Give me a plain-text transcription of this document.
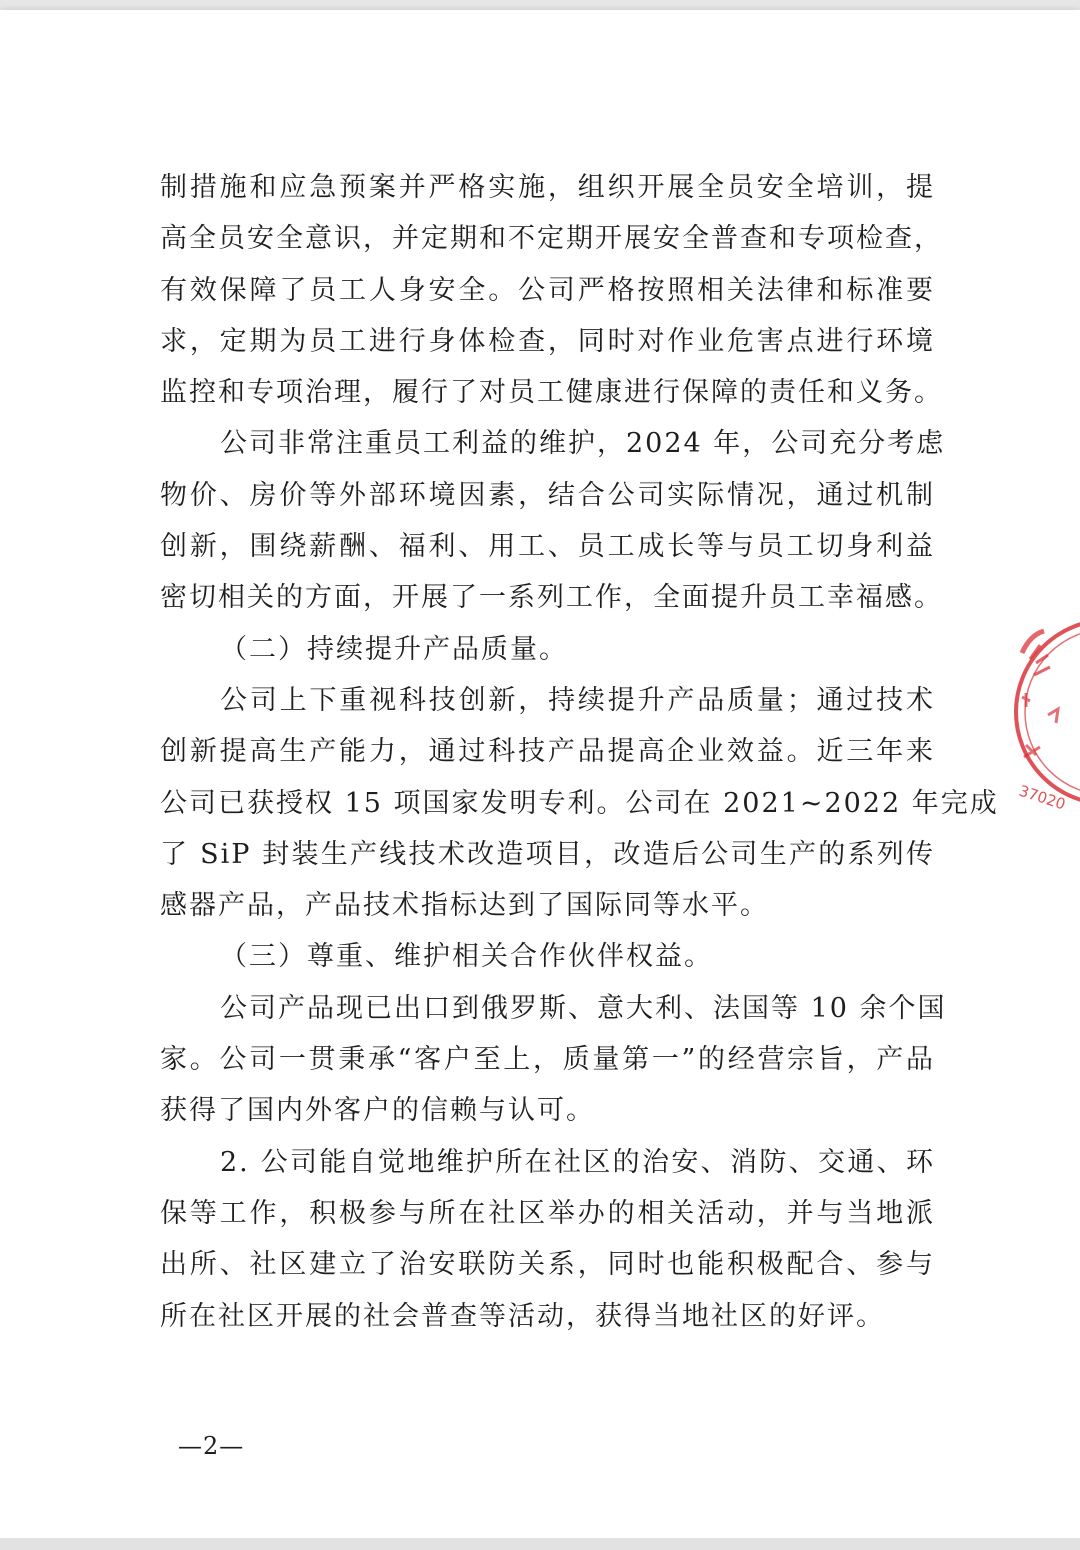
制措施和应急预案并严格实施，组织开展全员安全培训，提
高全员安全意识，并定期和不定期开展安全普查和专项检查，
有效保障了员工人身安全。公司严格按照相关法律和标准要
求，定期为员工进行身体检查，同时对作业危害点进行环境
监控和专项治理，履行了对员工健康进行保障的责任和义务。
公司非常注重员工利益的维护，2024 年，公司充分考虑
物价、房价等外部环境因素，结合公司实际情况，通过机制
创新，围绕薪酬、福利、用工、员工成长等与员工切身利益
密切相关的方面，开展了一系列工作，全面提升员工幸福感。
（二）持续提升产品质量。
公司上下重视科技创新，持续提升产品质量；通过技术
创新提高生产能力，通过科技产品提高企业效益。近三年来
公司已获授权 15 项国家发明专利。公司在 2021~2022 年完成
了 SiP 封装生产线技术改造项目，改造后公司生产的系列传
感器产品，产品技术指标达到了国际同等水平。
（三）尊重、维护相关合作伙伴权益。
公司产品现已出口到俄罗斯、意大利、法国等 10 余个国
家。公司一贯秉承“客户至上，质量第一”的经营宗旨，产品
获得了国内外客户的信赖与认可。
2. 公司能自觉地维护所在社区的治安、消防、交通、环
保等工作，积极参与所在社区举办的相关活动，并与当地派
出所、社区建立了治安联防关系，同时也能积极配合、参与
所在社区开展的社会普查等活动，获得当地社区的好评。
—2—
37020
